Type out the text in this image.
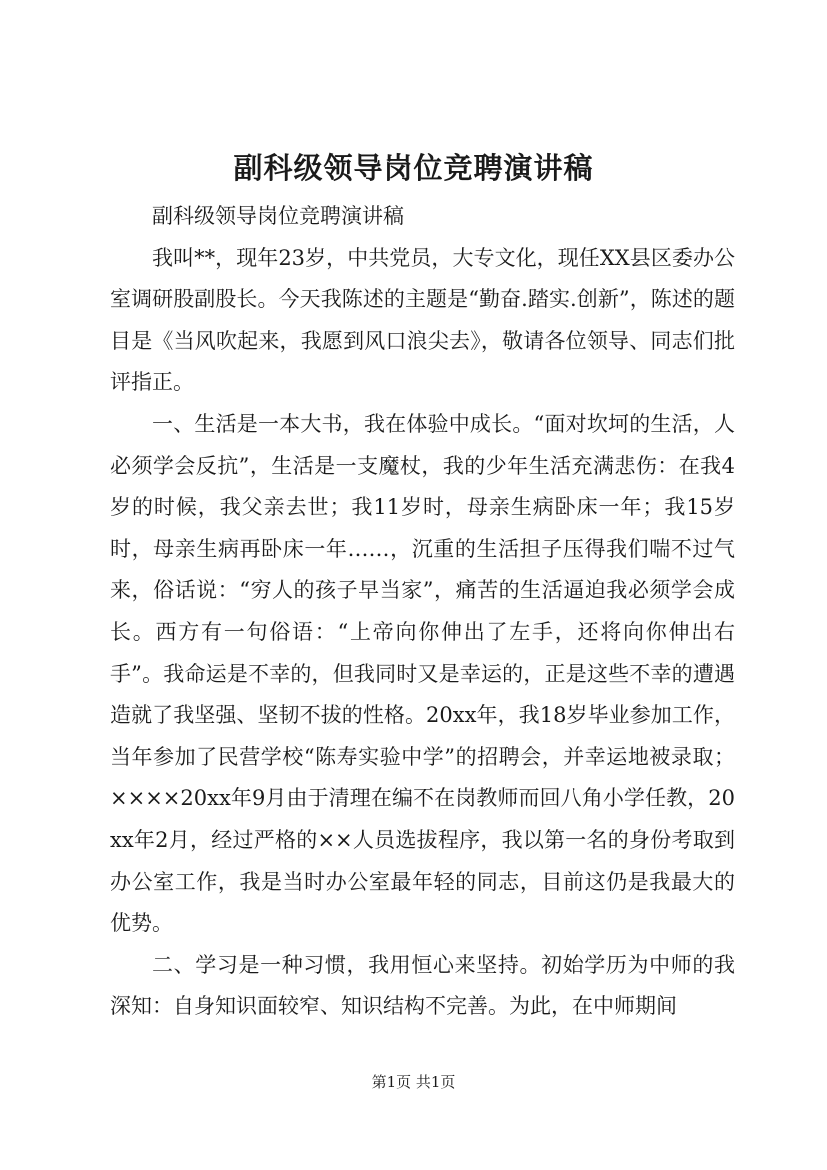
副科级领导岗位竞聘演讲稿

副科级领导岗位竞聘演讲稿

我叫**，现年23岁，中共党员，大专文化，现任XX县区委办公室调研股副股长。今天我陈述的主题是“勤奋.踏实.创新”，陈述的题目是《当风吹起来，我愿到风口浪尖去》，敬请各位领导、同志们批评指正。

一、生活是一本大书，我在体验中成长。“面对坎坷的生活，人必须学会反抗”，生活是一支魔杖，我的少年生活充满悲伤：在我4岁的时候，我父亲去世；我11岁时，母亲生病卧床一年；我15岁时，母亲生病再卧床一年……，沉重的生活担子压得我们喘不过气来，俗话说：“穷人的孩子早当家”，痛苦的生活逼迫我必须学会成长。西方有一句俗语：“上帝向你伸出了左手，还将向你伸出右手”。我命运是不幸的，但我同时又是幸运的，正是这些不幸的遭遇造就了我坚强、坚韧不拔的性格。20xx年，我18岁毕业参加工作，当年参加了民营学校“陈寿实验中学”的招聘会，并幸运地被录取；××××20xx年9月由于清理在编不在岗教师而回八角小学任教，20xx年2月，经过严格的××人员选拔程序，我以第一名的身份考取到办公室工作，我是当时办公室最年轻的同志，目前这仍是我最大的优势。

二、学习是一种习惯，我用恒心来坚持。初始学历为中师的我深知：自身知识面较窄、知识结构不完善。为此，在中师期间

第1页 共1页
